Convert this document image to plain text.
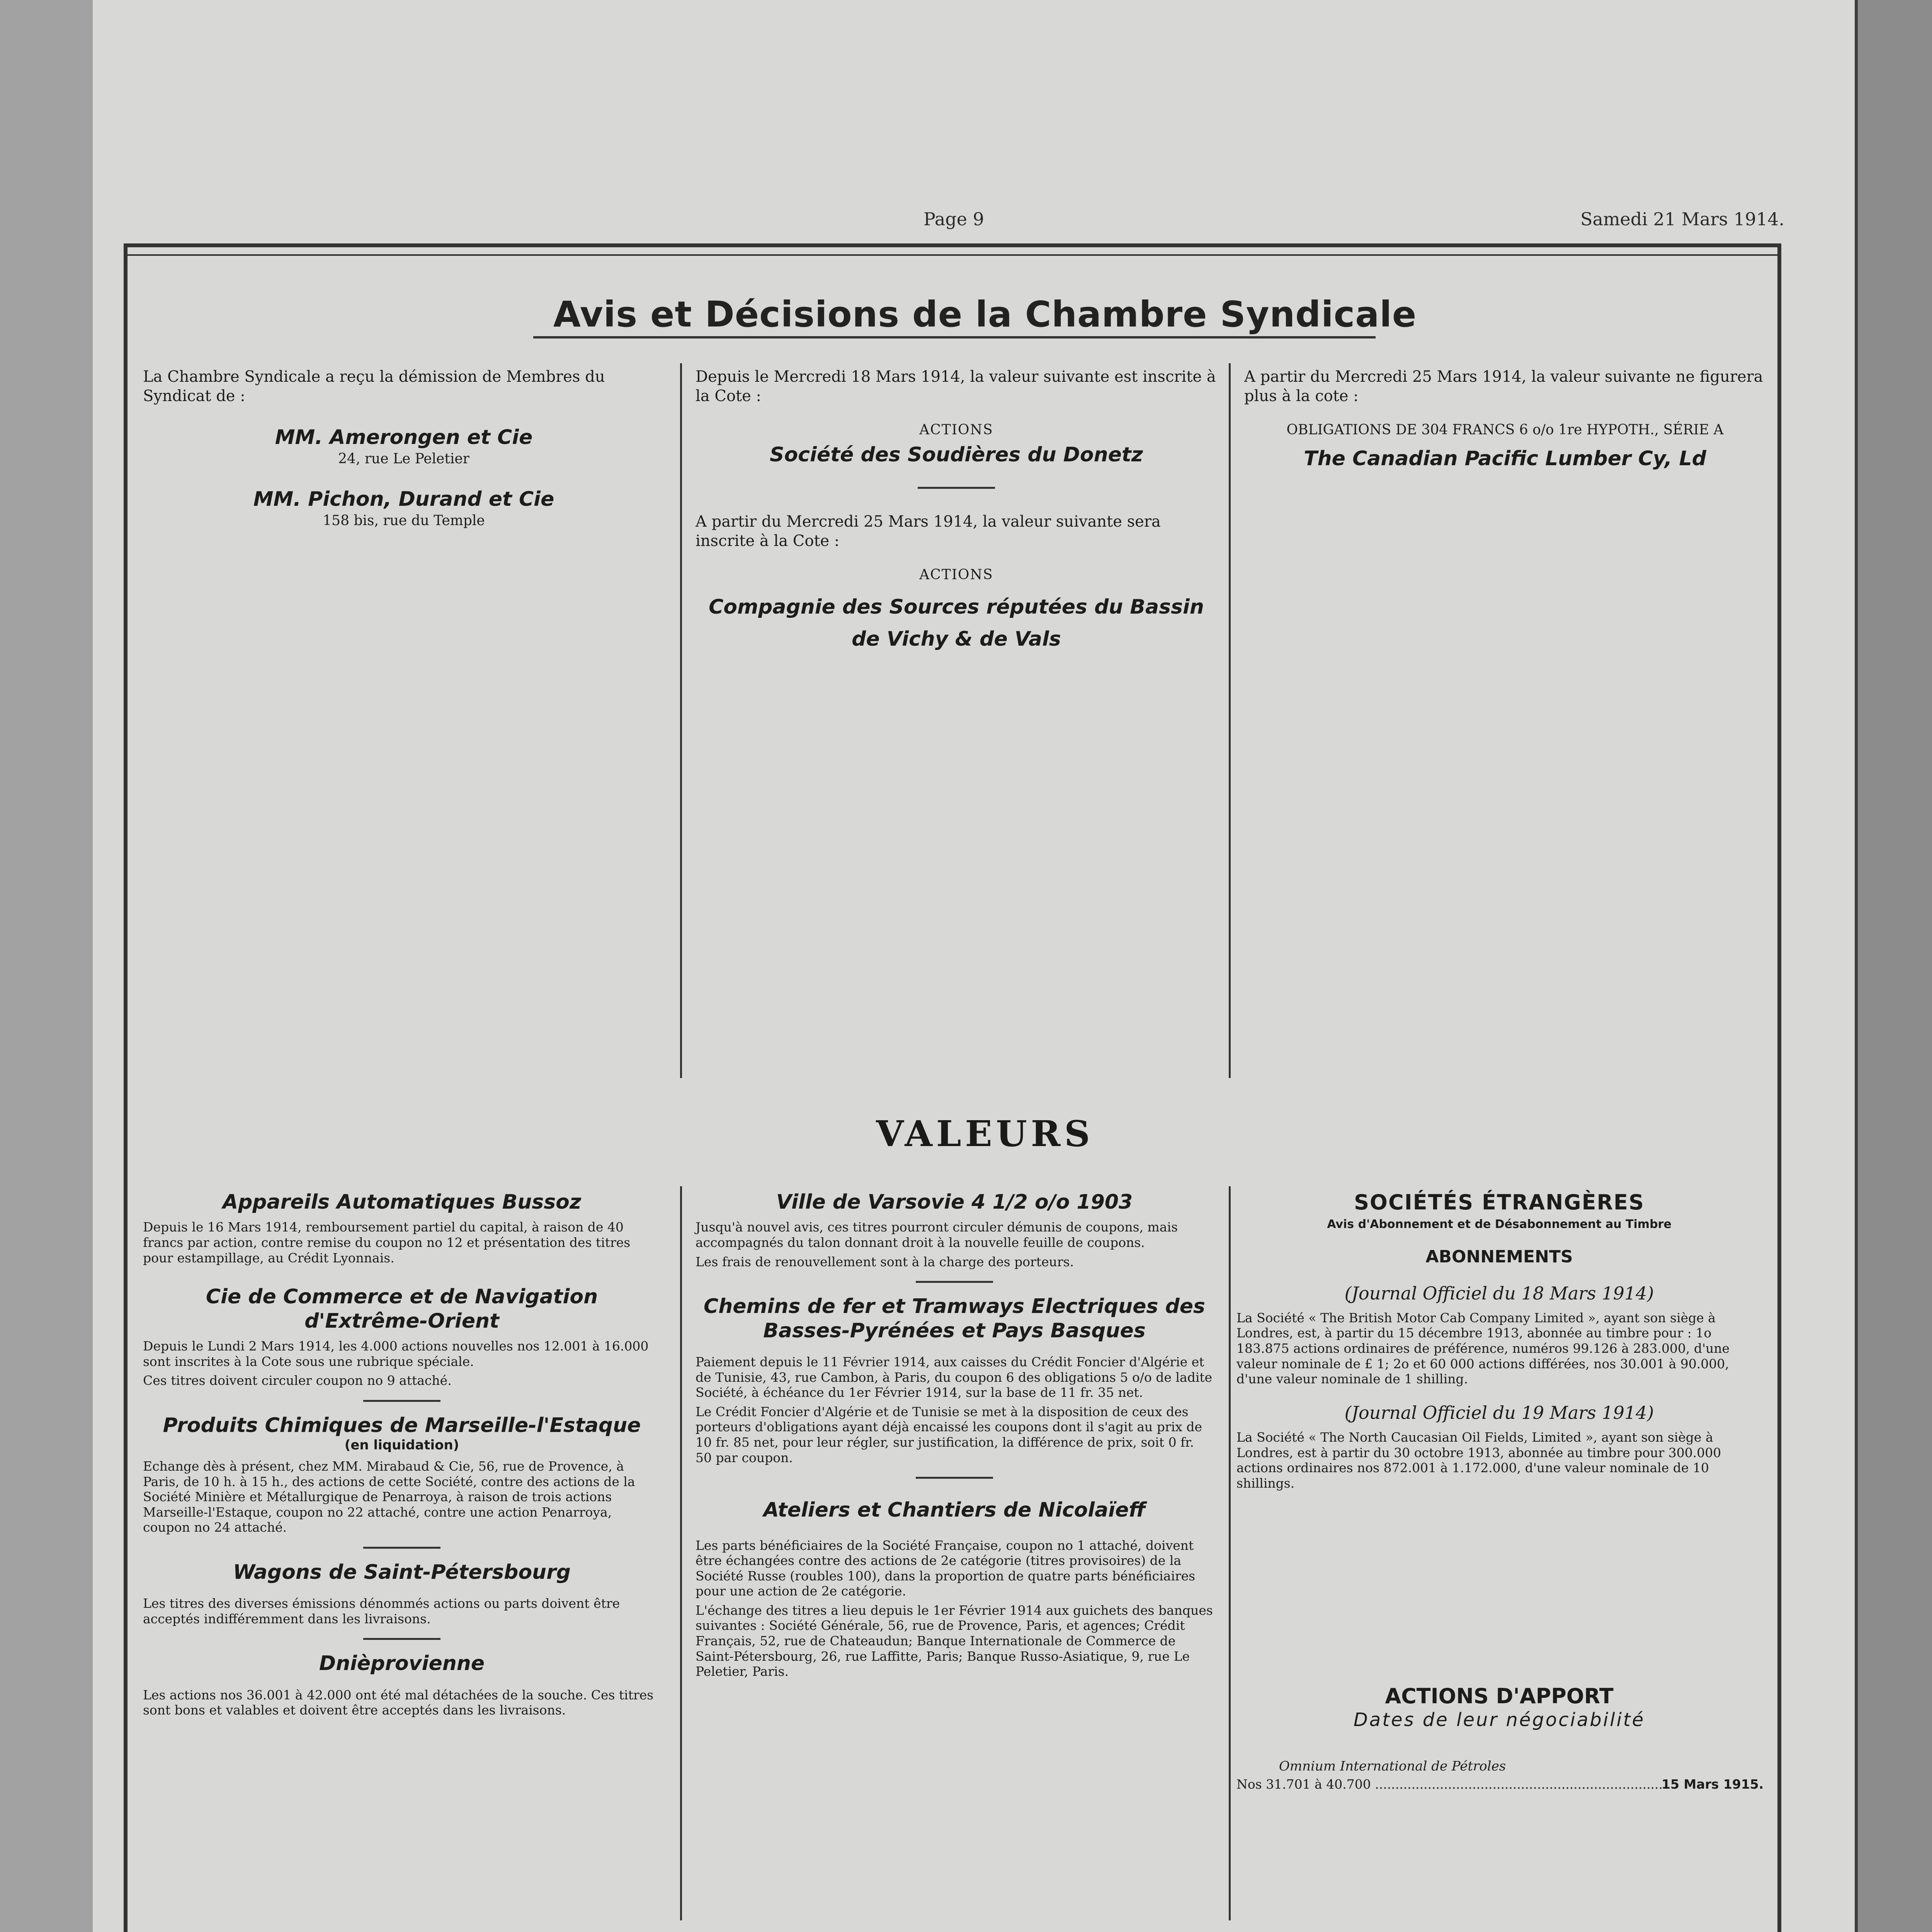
Page 9	Samedi 21 Mars 1914.
Avis et Décisions de la Chambre Syndicale

La Chambre Syndicale a reçu la démission de Membres du Syndicat de :

MM. Amerongen et Cie
24, rue Le Peletier
MM. Pichon, Durand et Cie
158 bis, rue du Temple

Depuis le Mercredi 18 Mars 1914, la valeur suivante est inscrite à la Cote :

ACTIONS
Société des Soudières du Donetz

A partir du Mercredi 25 Mars 1914, la valeur suivante sera inscrite à la Cote :

ACTIONS
Compagnie des Sources réputées du Bassin de Vichy & de Vals

A partir du Mercredi 25 Mars 1914, la valeur suivante ne figurera plus à la cote :

OBLIGATIONS DE 304 FRANCS 6 o/o 1re HYPOTH., SÉRIE A
The Canadian Pacific Lumber Cy, Ld
VALEURS
Appareils Automatiques Bussoz

Depuis le 16 Mars 1914, remboursement partiel du capital, à raison de 40 francs par action, contre remise du coupon no 12 et présentation des titres pour estampillage, au Crédit Lyonnais.

Cie de Commerce et de Navigation d'Extrême-Orient

Depuis le Lundi 2 Mars 1914, les 4.000 actions nouvelles nos 12.001 à 16.000 sont inscrites à la Cote sous une rubrique spéciale.

Ces titres doivent circuler coupon no 9 attaché.

Produits Chimiques de Marseille-l'Estaque
(en liquidation)

Echange dès à présent, chez MM. Mirabaud & Cie, 56, rue de Provence, à Paris, de 10 h. à 15 h., des actions de cette Société, contre des actions de la Société Minière et Métallurgique de Penarroya, à raison de trois actions Marseille-l'Estaque, coupon no 22 attaché, contre une action Penarroya, coupon no 24 attaché.

Wagons de Saint-Pétersbourg

Les titres des diverses émissions dénommés actions ou parts doivent être acceptés indifféremment dans les livraisons.

Dnièprovienne

Les actions nos 36.001 à 42.000 ont été mal détachées de la souche. Ces titres sont bons et valables et doivent être acceptés dans les livraisons.

Ville de Varsovie 4 1/2 o/o 1903

Jusqu'à nouvel avis, ces titres pourront circuler démunis de coupons, mais accompagnés du talon donnant droit à la nouvelle feuille de coupons.

Les frais de renouvellement sont à la charge des porteurs.

Chemins de fer et Tramways Electriques des Basses-Pyrénées et Pays Basques

Paiement depuis le 11 Février 1914, aux caisses du Crédit Foncier d'Algérie et de Tunisie, 43, rue Cambon, à Paris, du coupon 6 des obligations 5 o/o de ladite Société, à échéance du 1er Février 1914, sur la base de 11 fr. 35 net.

Le Crédit Foncier d'Algérie et de Tunisie se met à la disposition de ceux des porteurs d'obligations ayant déjà encaissé les coupons dont il s'agit au prix de 10 fr. 85 net, pour leur régler, sur justification, la différence de prix, soit 0 fr. 50 par coupon.

Ateliers et Chantiers de Nicolaïeff

Les parts bénéficiaires de la Société Française, coupon no 1 attaché, doivent être échangées contre des actions de 2e catégorie (titres provisoires) de la Société Russe (roubles 100), dans la proportion de quatre parts bénéficiaires pour une action de 2e catégorie.

L'échange des titres a lieu depuis le 1er Février 1914 aux guichets des banques suivantes : Société Générale, 56, rue de Provence, Paris, et agences; Crédit Français, 52, rue de Chateaudun; Banque Internationale de Commerce de Saint-Pétersbourg, 26, rue Laffitte, Paris; Banque Russo-Asiatique, 9, rue Le Peletier, Paris.

SOCIÉTÉS ÉTRANGÈRES
Avis d'Abonnement et de Désabonnement au Timbre
ABONNEMENTS
(Journal Officiel du 18 Mars 1914)

La Société « The British Motor Cab Company Limited », ayant son siège à Londres, est, à partir du 15 décembre 1913, abonnée au timbre pour : 1o 183.875 actions ordinaires de préférence, numéros 99.126 à 283.000, d'une valeur nominale de £ 1; 2o et 60 000 actions différées, nos 30.001 à 90.000, d'une valeur nominale de 1 shilling.

(Journal Officiel du 19 Mars 1914)

La Société « The North Caucasian Oil Fields, Limited », ayant son siège à Londres, est à partir du 30 octobre 1913, abonnée au timbre pour 300.000 actions ordinaires nos 872.001 à 1.172.000, d'une valeur nominale de 10 shillings.

ACTIONS D'APPORT
Dates de leur négociabilité
Omnium International de Pétroles
Nos 31.701 à 40.700 .....	15 Mars 1915.
